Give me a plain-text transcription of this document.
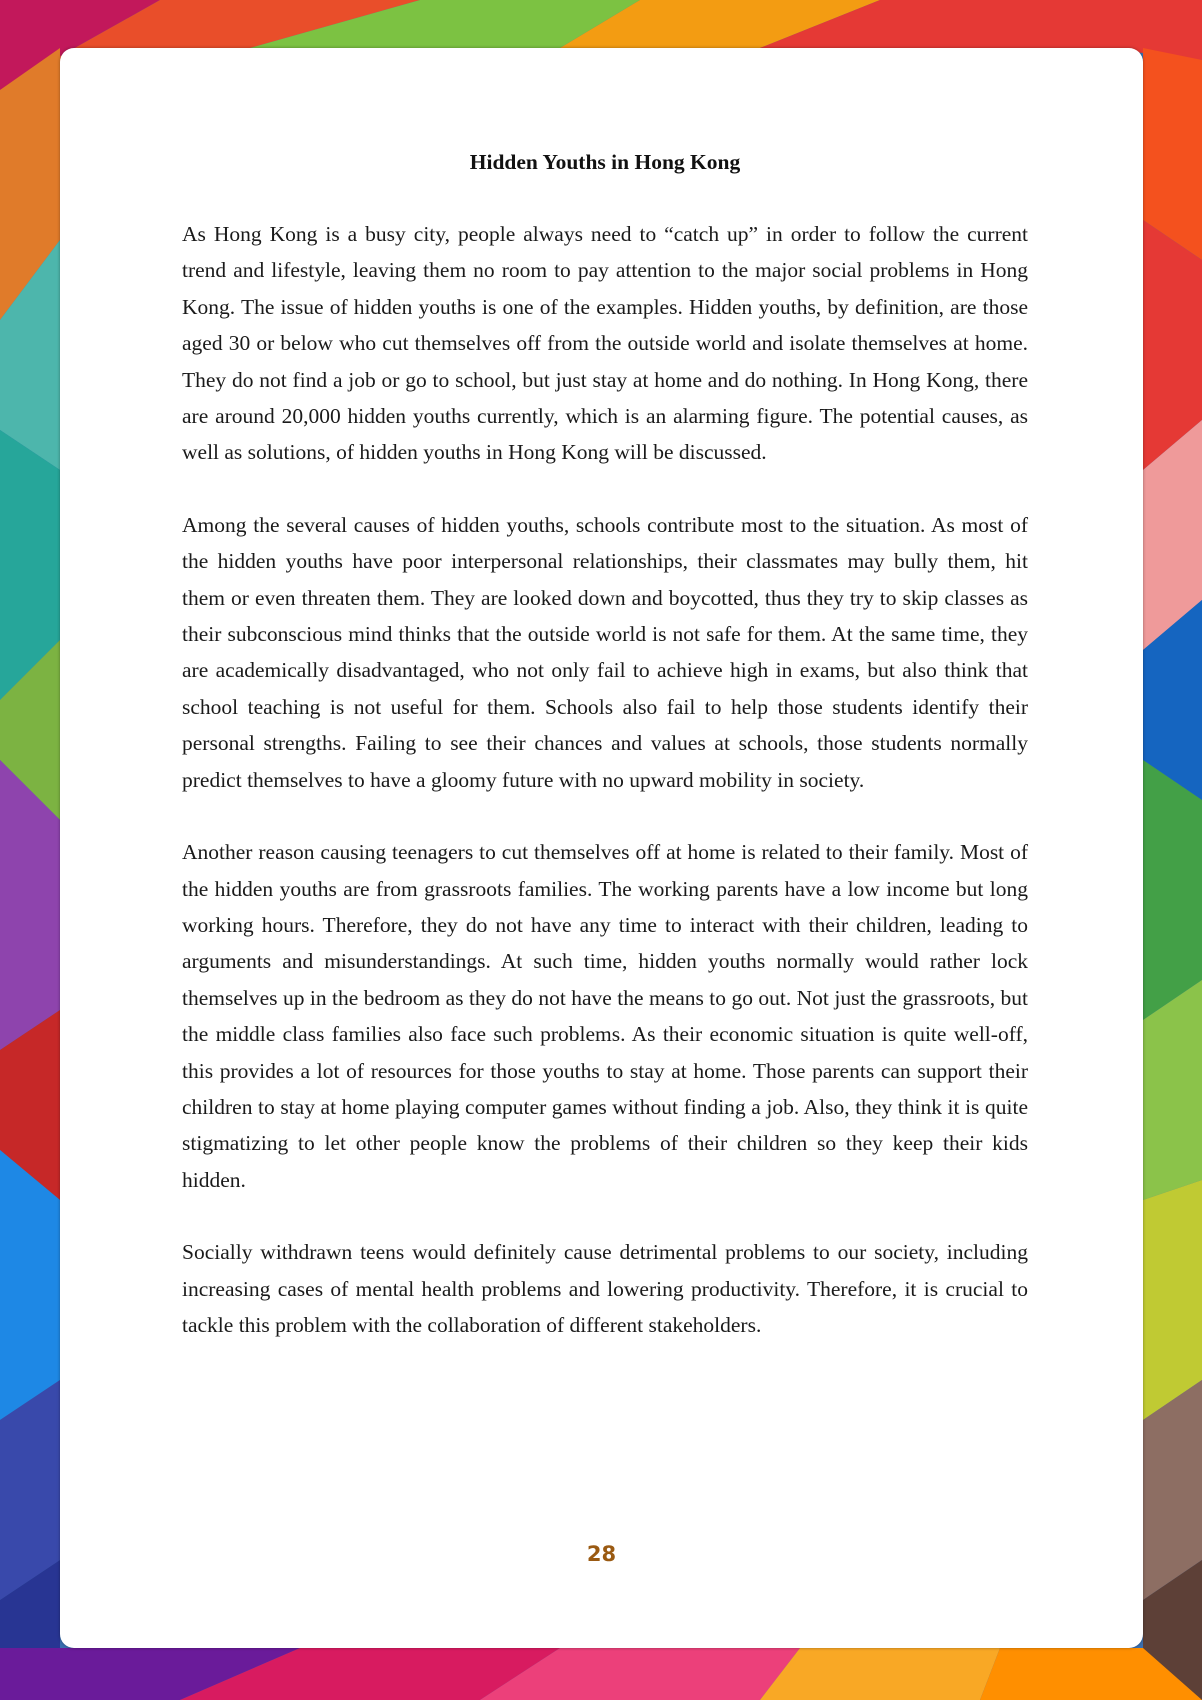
Hidden Youths in Hong Kong

As Hong Kong is a busy city, people always need to “catch up” in order to follow the current trend and lifestyle, leaving them no room to pay attention to the major social problems in Hong Kong. The issue of hidden youths is one of the examples. Hidden youths, by definition, are those aged 30 or below who cut themselves off from the outside world and isolate themselves at home. They do not find a job or go to school, but just stay at home and do nothing. In Hong Kong, there are around 20,000 hidden youths currently, which is an alarming figure. The potential causes, as well as solutions, of hidden youths in Hong Kong will be discussed.

Among the several causes of hidden youths, schools contribute most to the situation. As most of the hidden youths have poor interpersonal relationships, their classmates may bully them, hit them or even threaten them. They are looked down and boycotted, thus they try to skip classes as their subconscious mind thinks that the outside world is not safe for them. At the same time, they are academically disadvantaged, who not only fail to achieve high in exams, but also think that school teaching is not useful for them. Schools also fail to help those students identify their personal strengths. Failing to see their chances and values at schools, those students normally predict themselves to have a gloomy future with no upward mobility in society.

Another reason causing teenagers to cut themselves off at home is related to their family. Most of the hidden youths are from grassroots families. The working parents have a low income but long working hours. Therefore, they do not have any time to interact with their children, leading to arguments and misunderstandings. At such time, hidden youths normally would rather lock themselves up in the bedroom as they do not have the means to go out. Not just the grassroots, but the middle class families also face such problems. As their economic situation is quite well-off, this provides a lot of resources for those youths to stay at home. Those parents can support their children to stay at home playing computer games without finding a job. Also, they think it is quite stigmatizing to let other people know the problems of their children so they keep their kids hidden.

Socially withdrawn teens would definitely cause detrimental problems to our society, including increasing cases of mental health problems and lowering productivity. Therefore, it is crucial to tackle this problem with the collaboration of different stakeholders.

28
